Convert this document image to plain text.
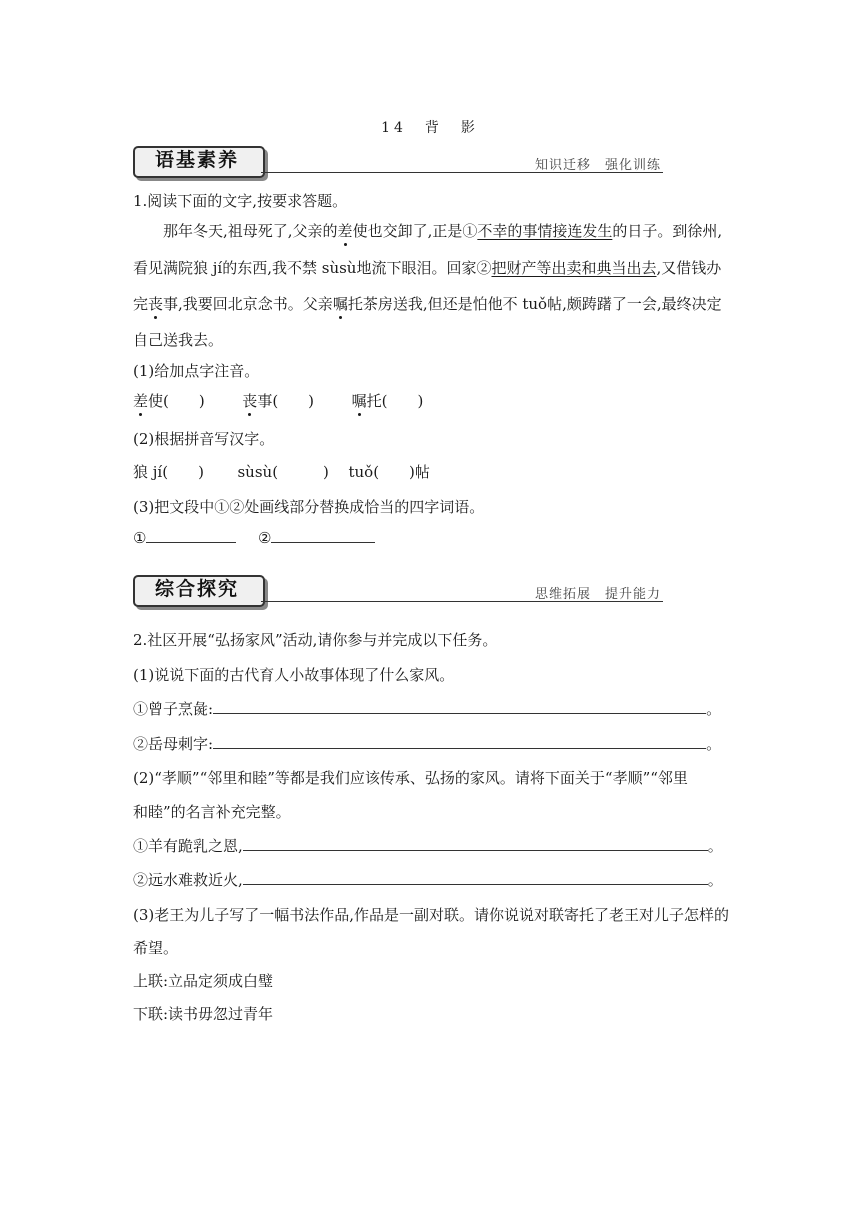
14　背　影
语基素养	知识迁移　强化训练
1.阅读下面的文字,按要求答题。
那年冬天,祖母死了,父亲的差使也交卸了,正是①不幸的事情接连发生的日子。到徐州,
看见满院狼 jí的东西,我不禁 sùsù地流下眼泪。回家②把财产等出卖和典当出去,又借钱办
完丧事,我要回北京念书。父亲嘱托茶房送我,但还是怕他不 tuǒ帖,颇踌躇了一会,最终决定
自己送我去。
(1)给加点字注音。
差使(　　)	丧事(　　)	嘱托(　　)
(2)根据拼音写汉字。
狼 jí(　　) sùsù(　　　) tuǒ(　　)帖
(3)把文段中①②处画线部分替换成恰当的四字词语。
①	②
综合探究	思维拓展　提升能力
2.社区开展“弘扬家风”活动,请你参与并完成以下任务。
(1)说说下面的古代育人小故事体现了什么家风。
①曾子烹彘:	。
②岳母刺字:	。
(2)“孝顺”“邻里和睦”等都是我们应该传承、弘扬的家风。请将下面关于“孝顺”“邻里
和睦”的名言补充完整。
①羊有跪乳之恩,	。
②远水难救近火,	。
(3)老王为儿子写了一幅书法作品,作品是一副对联。请你说说对联寄托了老王对儿子怎样的
希望。
上联:立品定须成白璧
下联:读书毋忽过青年
